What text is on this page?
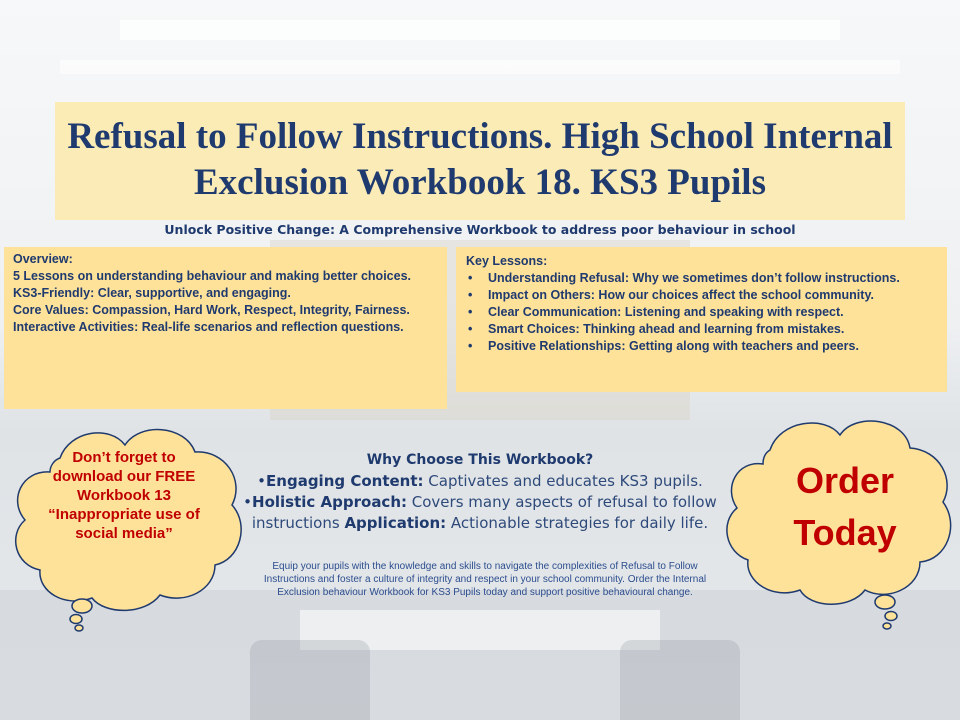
Refusal to Follow Instructions. High School Internal Exclusion Workbook 18. KS3 Pupils
Unlock Positive Change: A Comprehensive Workbook to address poor behaviour in school

Overview:

5 Lessons on understanding behaviour and making better choices.

KS3-Friendly: Clear, supportive, and engaging.

Core Values: Compassion, Hard Work, Respect, Integrity, Fairness.

Interactive Activities: Real-life scenarios and reflection questions.

Key Lessons:

• Understanding Refusal: Why we sometimes don’t follow instructions.
• Impact on Others: How our choices affect the school community.
• Clear Communication: Listening and speaking with respect.
• Smart Choices: Thinking ahead and learning from mistakes.
• Positive Relationships: Getting along with teachers and peers.
Don’t forget to download our FREE Workbook 13 “Inappropriate use of social media”
Order
Today
Why Choose This Workbook?
•Engaging Content: Captivates and educates KS3 pupils.
•Holistic Approach: Covers many aspects of refusal to follow instructions Application: Actionable strategies for daily life.
Equip your pupils with the knowledge and skills to navigate the complexities of Refusal to Follow Instructions and foster a culture of integrity and respect in your school community. Order the Internal Exclusion behaviour Workbook for KS3 Pupils today and support positive behavioural change.
